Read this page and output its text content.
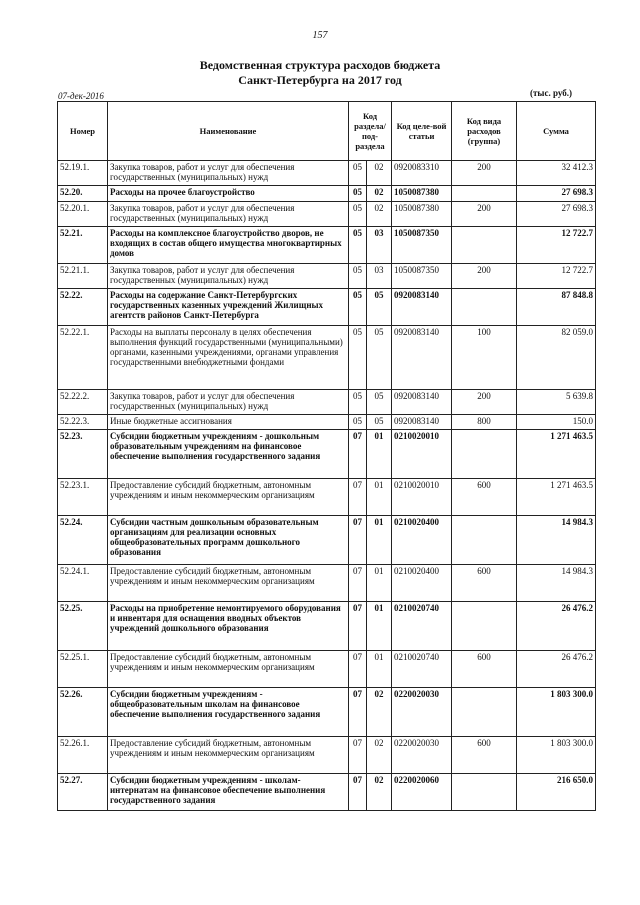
157
Ведомственная структура расходов бюджета
Санкт-Петербурга на 2017 год
07-дек-2016	(тыс. руб.)
Номер	Наименование	Код раздела/под-раздела		Код целе-вой статьи	Код вида расходов (группа)	Сумма
52.19.1.	Закупка товаров, работ и услуг для обеспечения государственных (муниципальных) нужд	05	02	0920083310	200	32 412.3
52.20.	Расходы на прочее благоустройство	05	02	1050087380		27 698.3
52.20.1.	Закупка товаров, работ и услуг для обеспечения государственных (муниципальных) нужд	05	02	1050087380	200	27 698.3
52.21.	Расходы на комплексное благоустройство дворов, не входящих в состав общего имущества многоквартирных домов	05	03	1050087350		12 722.7
52.21.1.	Закупка товаров, работ и услуг для обеспечения государственных (муниципальных) нужд	05	03	1050087350	200	12 722.7
52.22.	Расходы на содержание Санкт-Петербургских государственных казенных учреждений Жилищных агентств районов Санкт-Петербурга	05	05	0920083140		87 848.8
52.22.1.	Расходы на выплаты персоналу в целях обеспечения выполнения функций государственными (муниципальными) органами, казенными учреждениями, органами управления государственными внебюджетными фондами	05	05	0920083140	100	82 059.0
52.22.2.	Закупка товаров, работ и услуг для обеспечения государственных (муниципальных) нужд	05	05	0920083140	200	5 639.8
52.22.3.	Иные бюджетные ассигнования	05	05	0920083140	800	150.0
52.23.	Субсидии бюджетным учреждениям - дошкольным образовательным учреждениям на финансовое обеспечение выполнения государственного задания	07	01	0210020010		1 271 463.5
52.23.1.	Предоставление субсидий бюджетным, автономным учреждениям и иным некоммерческим организациям	07	01	0210020010	600	1 271 463.5
52.24.	Субсидии частным дошкольным образовательным организациям для реализации основных общеобразовательных программ дошкольного образования	07	01	0210020400		14 984.3
52.24.1.	Предоставление субсидий бюджетным, автономным учреждениям и иным некоммерческим организациям	07	01	0210020400	600	14 984.3
52.25.	Расходы на приобретение немонтируемого оборудования и инвентаря для оснащения вводных объектов учреждений дошкольного образования	07	01	0210020740		26 476.2
52.25.1.	Предоставление субсидий бюджетным, автономным учреждениям и иным некоммерческим организациям	07	01	0210020740	600	26 476.2
52.26.	Субсидии бюджетным учреждениям - общеобразовательным школам на финансовое обеспечение выполнения государственного задания	07	02	0220020030		1 803 300.0
52.26.1.	Предоставление субсидий бюджетным, автономным учреждениям и иным некоммерческим организациям	07	02	0220020030	600	1 803 300.0
52.27.	Субсидии бюджетным учреждениям - школам-интернатам на финансовое обеспечение выполнения государственного задания	07	02	0220020060		216 650.0
